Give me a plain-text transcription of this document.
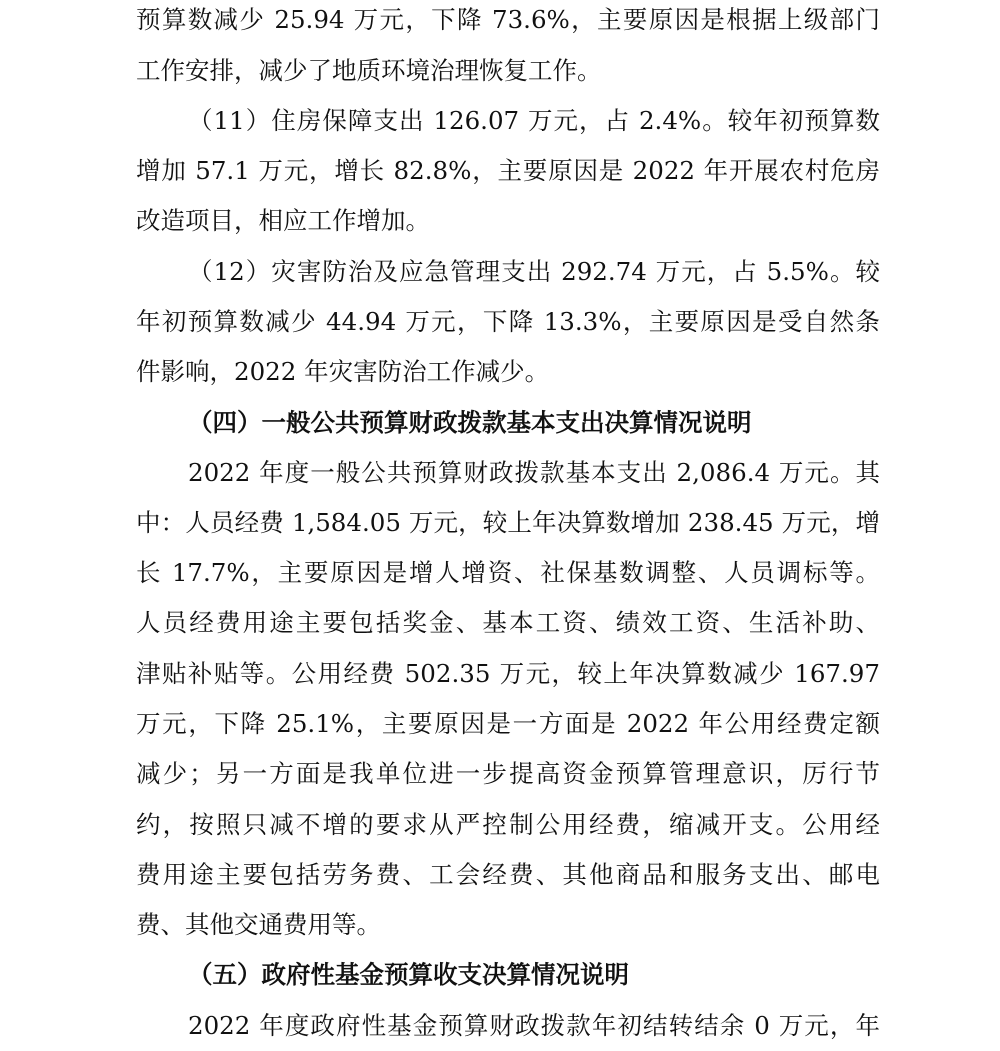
预算数减少 25.94 万元，下降 73.6%，主要原因是根据上级部门
工作安排，减少了地质环境治理恢复工作。
（11）住房保障支出 126.07 万元，占 2.4%。较年初预算数
增加 57.1 万元，增长 82.8%，主要原因是 2022 年开展农村危房
改造项目，相应工作增加。
（12）灾害防治及应急管理支出 292.74 万元，占 5.5%。较
年初预算数减少 44.94 万元，下降 13.3%，主要原因是受自然条
件影响，2022 年灾害防治工作减少。
（四）一般公共预算财政拨款基本支出决算情况说明
2022 年度一般公共预算财政拨款基本支出 2,086.4 万元。其
中：人员经费 1,584.05 万元，较上年决算数增加 238.45 万元，增
长 17.7%，主要原因是增人增资、社保基数调整、人员调标等。
人员经费用途主要包括奖金、基本工资、绩效工资、生活补助、
津贴补贴等。公用经费 502.35 万元，较上年决算数减少 167.97
万元，下降 25.1%，主要原因是一方面是 2022 年公用经费定额
减少；另一方面是我单位进一步提高资金预算管理意识，厉行节
约，按照只减不增的要求从严控制公用经费，缩减开支。公用经
费用途主要包括劳务费、工会经费、其他商品和服务支出、邮电
费、其他交通费用等。
（五）政府性基金预算收支决算情况说明
2022 年度政府性基金预算财政拨款年初结转结余 0 万元，年
